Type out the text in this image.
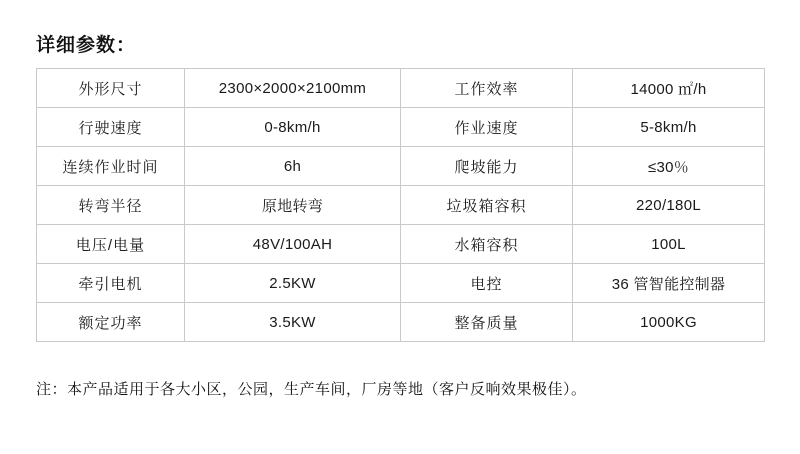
详细参数：
外形尺寸	2300×2000×2100mm	工作效率	14000 ㎡/h
行驶速度	0-8km/h	作业速度	5-8km/h
连续作业时间	6h	爬坡能力	≤30％
转弯半径	原地转弯	垃圾箱容积	220/180L
电压/电量	48V/100AH	水箱容积	100L
牵引电机	2.5KW	电控	36 管智能控制器
额定功率	3.5KW	整备质量	1000KG
注：本产品适用于各大小区，公园，生产车间，厂房等地（客户反响效果极佳）。
